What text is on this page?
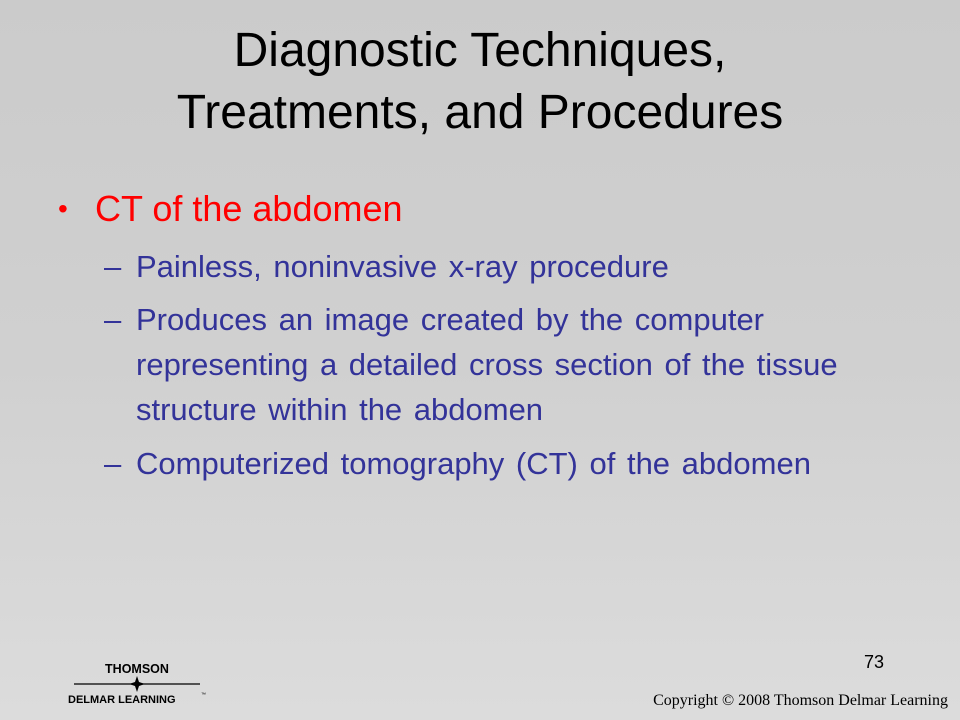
Diagnostic Techniques,
Treatments, and Procedures
• CT of the abdomen
– Painless, noninvasive x-ray procedure
– Produces an image created by the computer representing a detailed cross section of the tissue structure within the abdomen
– Computerized tomography (CT) of the abdomen
73
THOMSON
DELMAR LEARNING	™	Copyright © 2008 Thomson Delmar Learning
